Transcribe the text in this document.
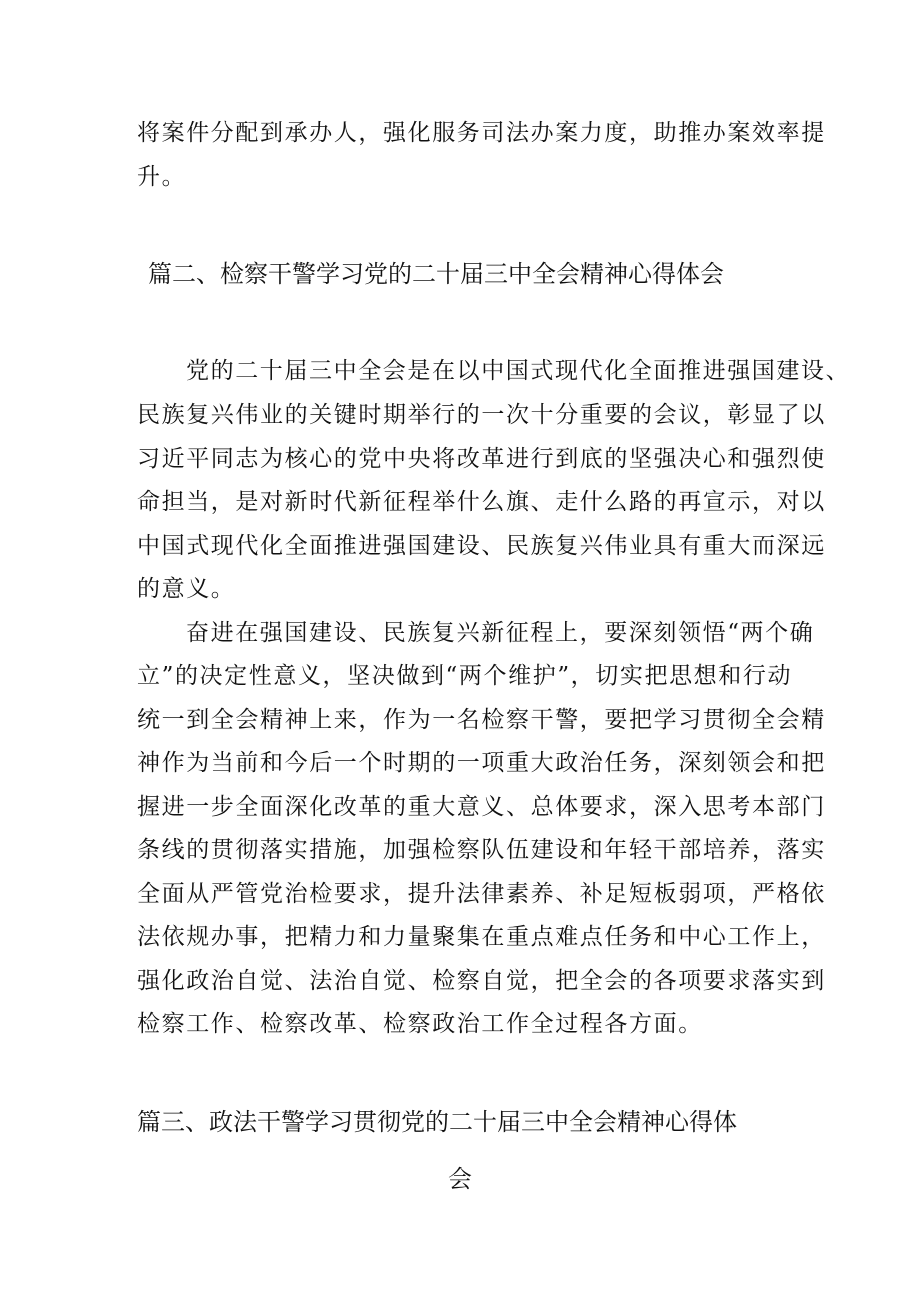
将案件分配到承办人，强化服务司法办案力度，助推办案效率提
升。
篇二、检察干警学习党的二十届三中全会精神心得体会
党的二十届三中全会是在以中国式现代化全面推进强国建设、
民族复兴伟业的关键时期举行的一次十分重要的会议，彰显了以
习近平同志为核心的党中央将改革进行到底的坚强决心和强烈使
命担当，是对新时代新征程举什么旗、走什么路的再宣示，对以
中国式现代化全面推进强国建设、民族复兴伟业具有重大而深远
的意义。
奋进在强国建设、民族复兴新征程上，要深刻领悟“两个确
立”的决定性意义，坚决做到“两个维护”，切实把思想和行动
统一到全会精神上来，作为一名检察干警，要把学习贯彻全会精
神作为当前和今后一个时期的一项重大政治任务，深刻领会和把
握进一步全面深化改革的重大意义、总体要求，深入思考本部门
条线的贯彻落实措施，加强检察队伍建设和年轻干部培养，落实
全面从严管党治检要求，提升法律素养、补足短板弱项，严格依
法依规办事，把精力和力量聚集在重点难点任务和中心工作上，
强化政治自觉、法治自觉、检察自觉，把全会的各项要求落实到
检察工作、检察改革、检察政治工作全过程各方面。
篇三、政法干警学习贯彻党的二十届三中全会精神心得体
会
